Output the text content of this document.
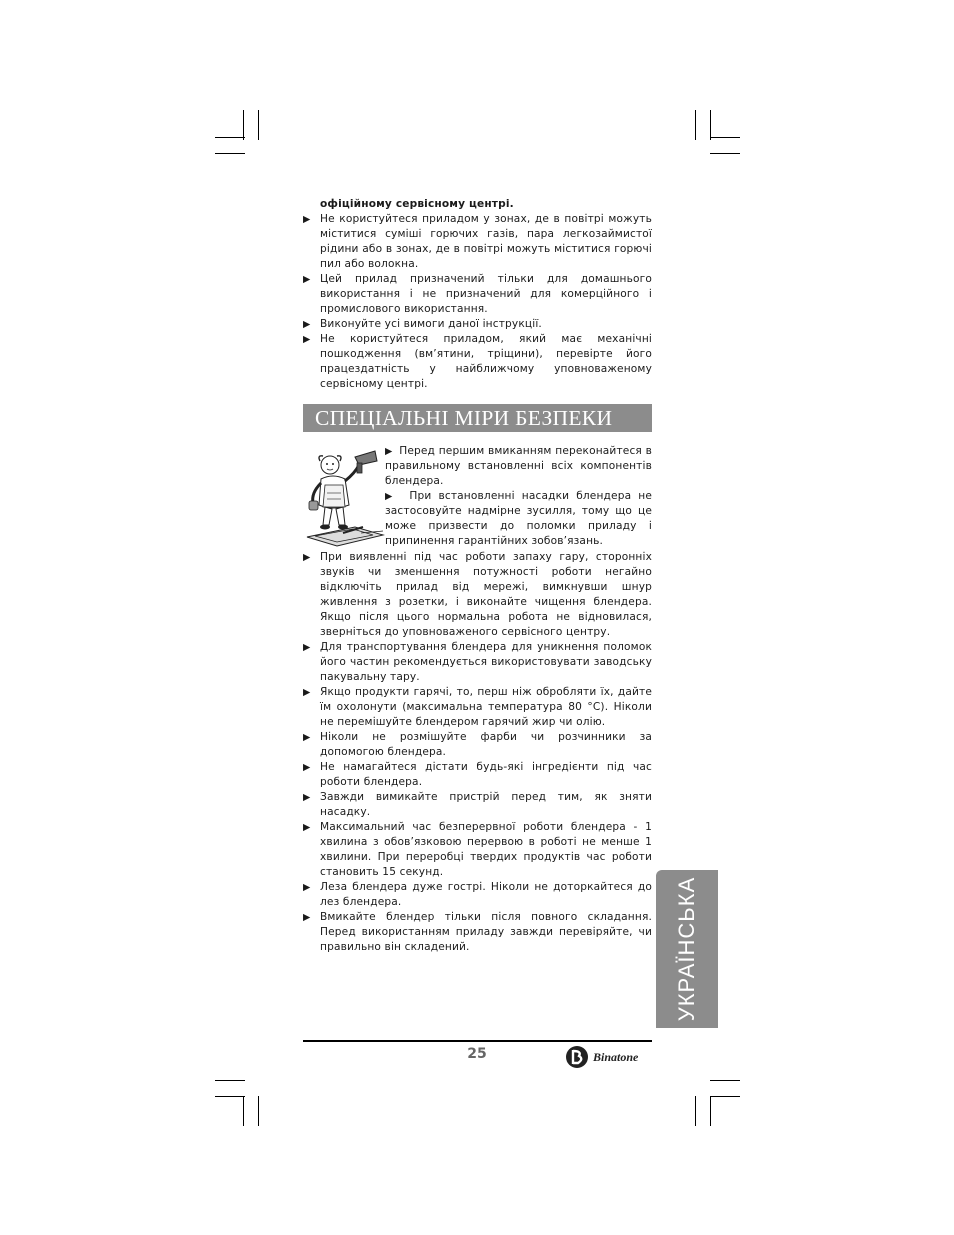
офіційному сервісному центрі.

▶ Не користуйтеся приладом у зонах, де в повітрі можуть міститися суміші горючих газів, пара легкозаймистої рідини або в зонах, де в повітрі можуть міститися горючі пил або волокна.

▶ Цей прилад призначений тільки для домашнього використання і не призначений для комерційного і промислового використання.

▶ Виконуйте усі вимоги даної інструкції.

▶ Не користуйтеся приладом, який має механічні пошкодження (вм’ятини, тріщини), перевірте його працездатність у найближчому уповноваженому сервісному центрі.

СПЕЦІАЛЬНІ МІРИ БЕЗПЕКИ

▶  Перед першим вмиканням переконайтеся в правильному встановленні всіх компонентів блендера.

▶  При встановленні насадки блендера не застосовуйте надмірне зусилля, тому що це може призвести до поломки приладу і припинення гарантійних зобов’язань.

▶ При виявленні під час роботи запаху гару, сторонніх звуків чи зменшення потужності роботи негайно відключіть прилад від мережі, вимкнувши шнур живлення з розетки, і виконайте чищення блендера. Якщо після цього нормальна робота не відновилася, зверніться до уповноваженого сервісного центру.

▶ Для транспортування блендера для уникнення поломок його частин рекомендується використовувати заводську пакувальну тару.

▶ Якщо продукти гарячі, то, перш ніж обробляти їх, дайте їм охолонути (максимальна температура 80 °С). Ніколи не перемішуйте блендером гарячий жир чи олію.

▶ Ніколи не розмішуйте фарби чи розчинники за допомогою блендера.

▶ Не намагайтеся дістати будь-які інгредієнти під час роботи блендера.

▶ Завжди вимикайте пристрій перед тим, як зняти насадку.

▶ Максимальний час безперервної роботи блендера - 1 хвилина з обов’язковою перервою в роботі не менше 1 хвилини. При переробці твердих продуктів час роботи становить 15 секунд.

▶ Леза блендера дуже гострі. Ніколи не доторкайтеся до лез блендера.

▶ Вмикайте блендер тільки після повного складання. Перед використанням приладу завжди перевіряйте, чи правильно він складений.	УКРАЇНСЬКА
25	Binatone
